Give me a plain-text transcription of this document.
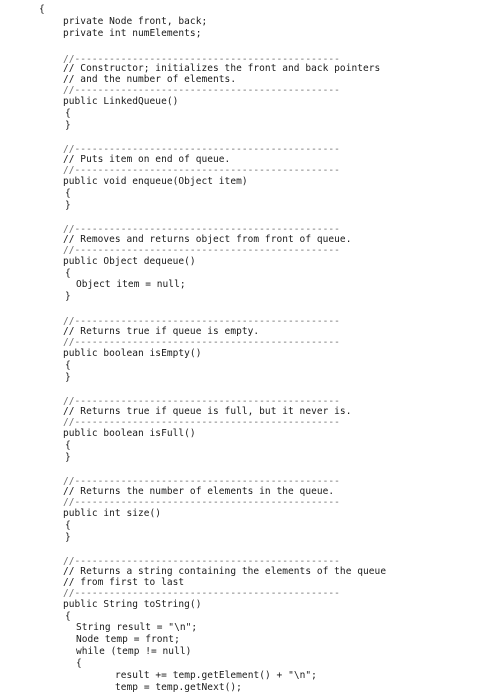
{
private Node front, back;
private int numElements;
//----------------------------------------------
// Constructor; initializes the front and back pointers
// and the number of elements.
//----------------------------------------------
public LinkedQueue()
{
}
//----------------------------------------------
// Puts item on end of queue.
//----------------------------------------------
public void enqueue(Object item)
{
}
//----------------------------------------------
// Removes and returns object from front of queue.
//----------------------------------------------
public Object dequeue()
{
Object item = null;
}
//----------------------------------------------
// Returns true if queue is empty.
//----------------------------------------------
public boolean isEmpty()
{
}
//----------------------------------------------
// Returns true if queue is full, but it never is.
//----------------------------------------------
public boolean isFull()
{
}
//----------------------------------------------
// Returns the number of elements in the queue.
//----------------------------------------------
public int size()
{
}
//----------------------------------------------
// Returns a string containing the elements of the queue
// from first to last
//----------------------------------------------
public String toString()
{
String result = "\n";
Node temp = front;
while (temp != null)
{
result += temp.getElement() + "\n";
temp = temp.getNext();
